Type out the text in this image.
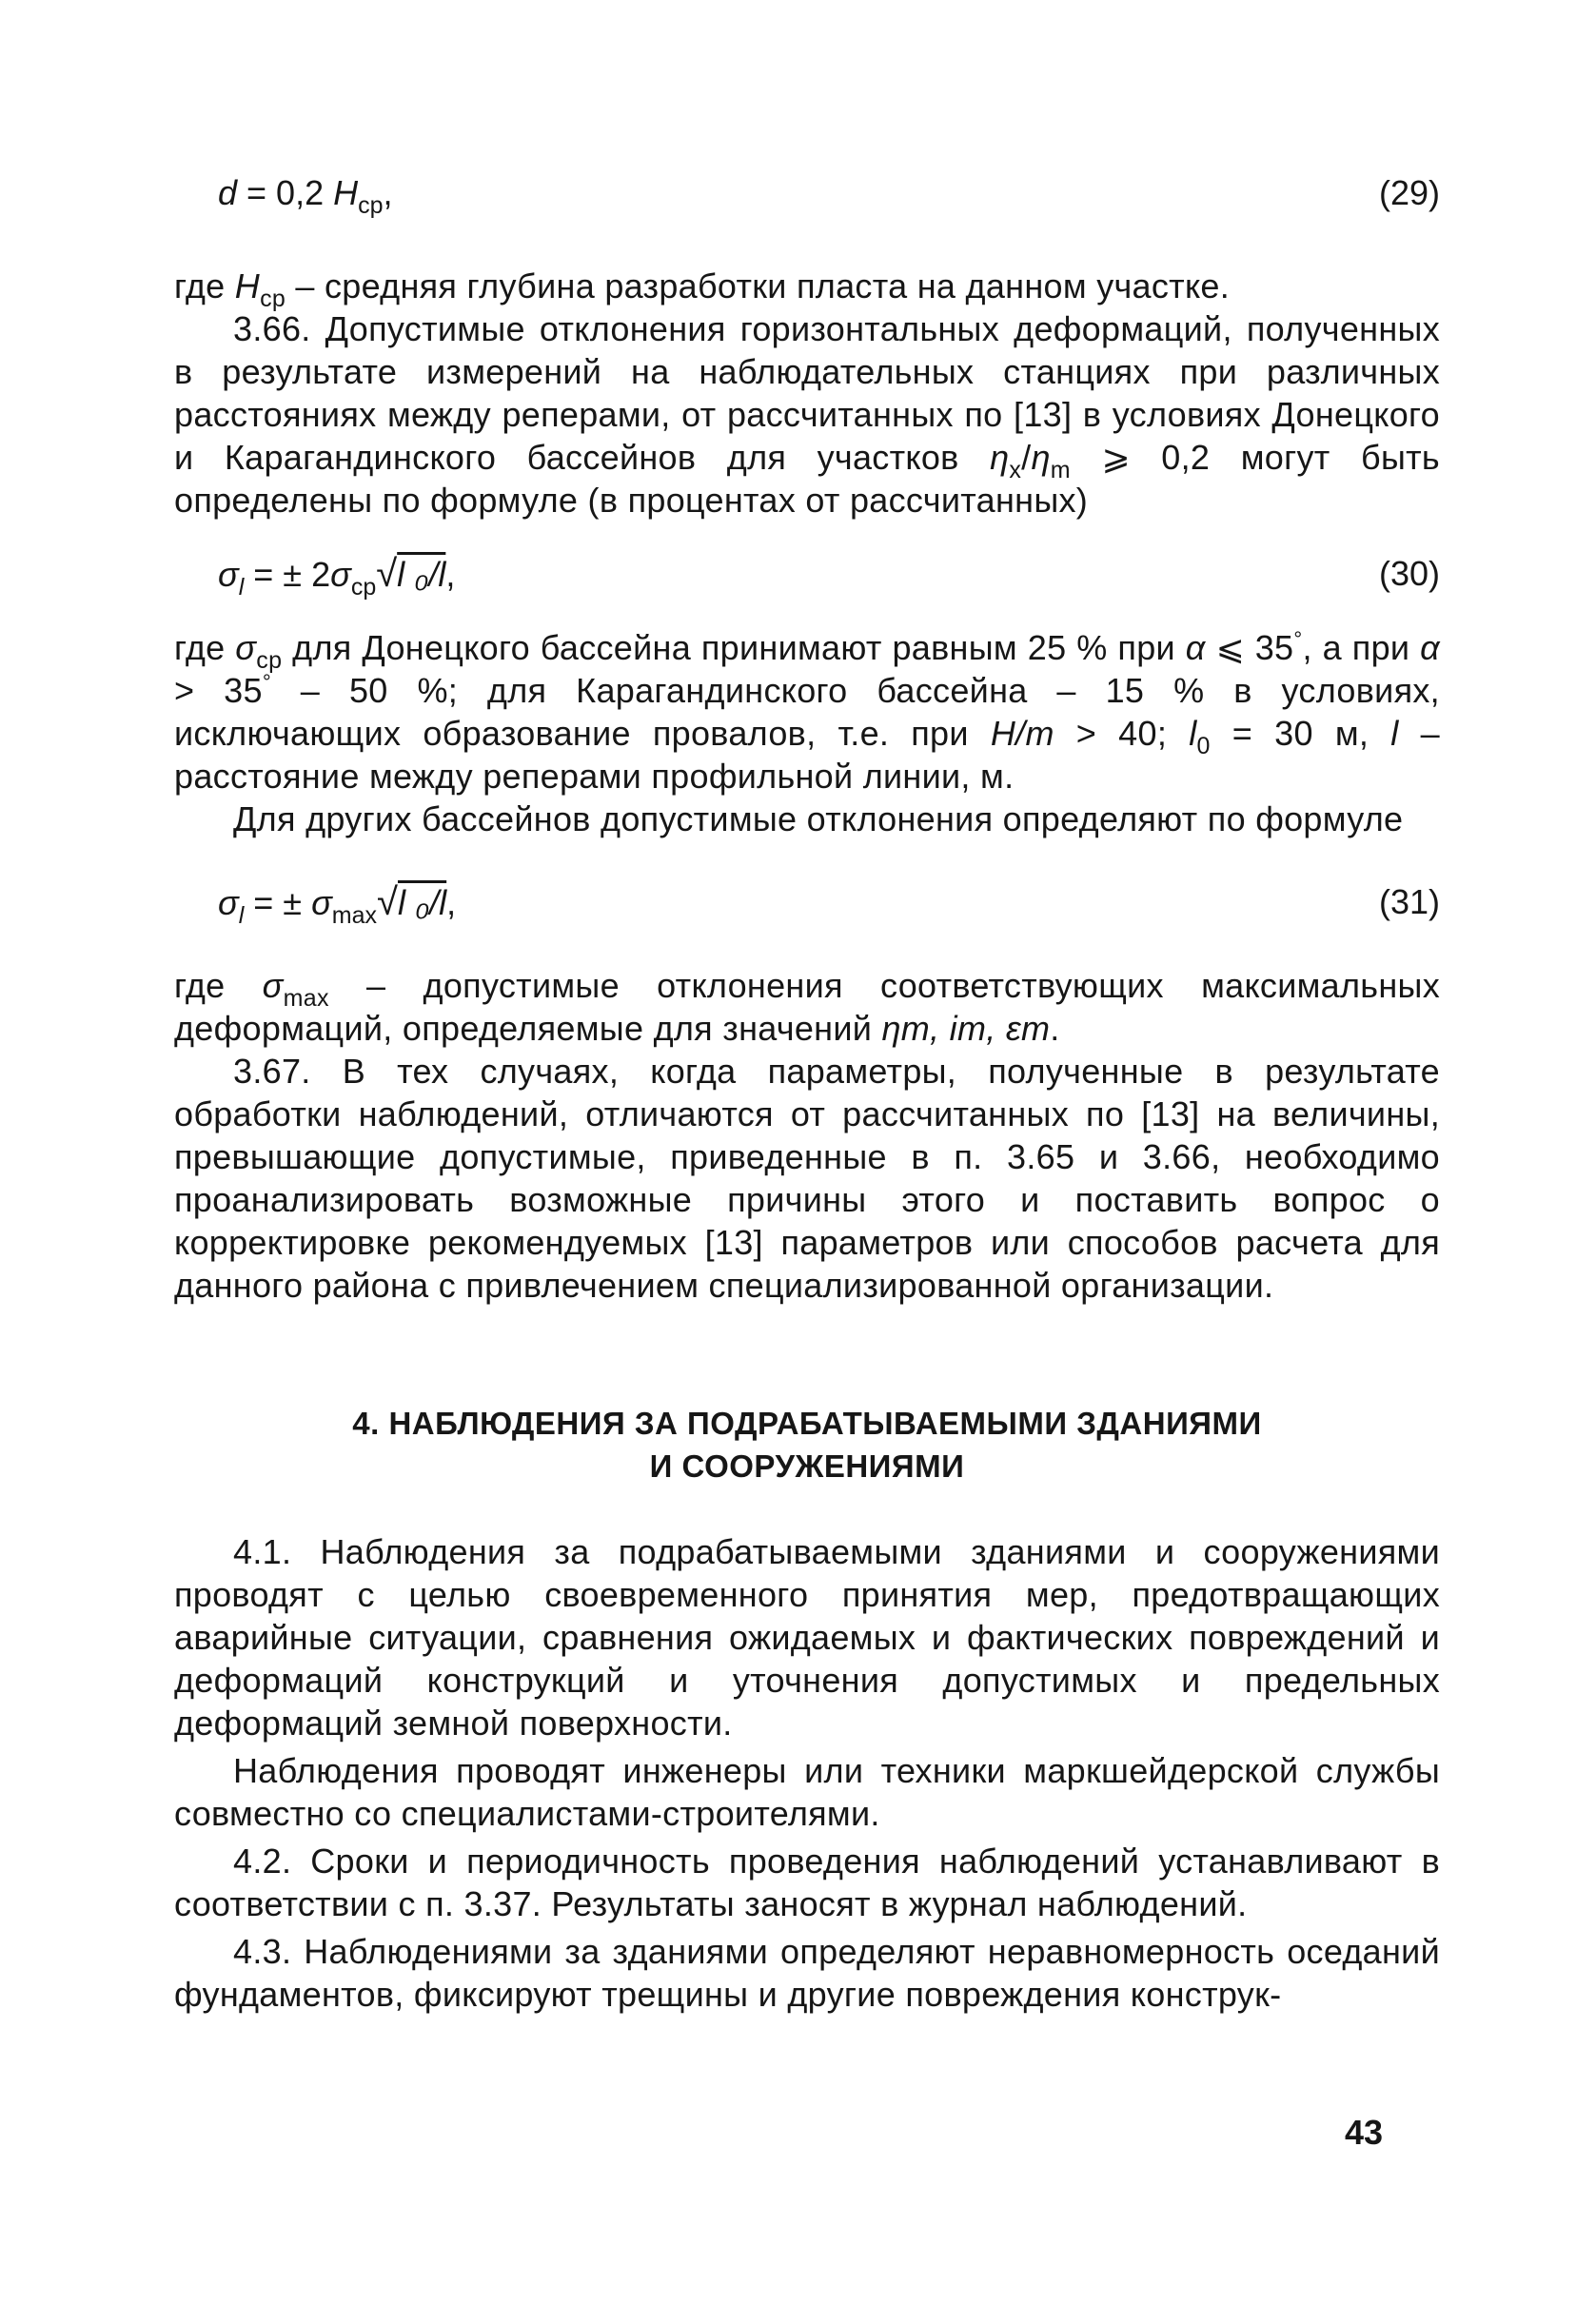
d = 0,2 $H_{ср}$,	(29)

где $H_{ср}$ – средняя глубина разработки пласта на данном участке.

3.66. Допустимые отклонения горизонтальных деформаций, полученных в результате измерений на наблюдательных станциях при различных расстояниях между реперами, от рассчитанных по [13] в условиях Донецкого и Карагандинского бассейнов для участков $\eta_x/\eta_m$ ⩾ 0,2 могут быть определены по формуле (в процентах от рассчитанных)

$\sigma_l$ = ± $2\sigma_{ср}√l$ ₀/l,	(30)

где $\sigma_{ср}$ для Донецкого бассейна принимают равным 25 % при α ⩽ 35°, а при α > 35° – 50 %; для Карагандинского бассейна – 15 % в условиях, исключающих образование провалов, т.е. при H/m > 40; $l_0 = 30$ м, l – расстояние между реперами профильной линии, м.

Для других бассейнов допустимые отклонения определяют по формуле

$\sigma_l$ = ± $\sigma_{max}√l$ ₀/l,	(31)

где $\sigma_{max}$ – допустимые отклонения соответствующих максимальных деформаций, определяемые для значений ηm, im, εm.

3.67. В тех случаях, когда параметры, полученные в результате обработки наблюдений, отличаются от рассчитанных по [13] на величины, превышающие допустимые, приведенные в п. 3.65 и 3.66, необходимо проанализировать возможные причины этого и поставить вопрос о корректировке рекомендуемых [13] параметров или способов расчета для данного района с привлечением специализированной организации.

4. НАБЛЮДЕНИЯ ЗА ПОДРАБАТЫВАЕМЫМИ ЗДАНИЯМИ
И СООРУЖЕНИЯМИ

4.1. Наблюдения за подрабатываемыми зданиями и сооружениями проводят с целью своевременного принятия мер, предотвращающих аварийные ситуации, сравнения ожидаемых и фактических повреждений и деформаций конструкций и уточнения допустимых и предельных деформаций земной поверхности.

Наблюдения проводят инженеры или техники маркшейдерской службы совместно со специалистами-строителями.

4.2. Сроки и периодичность проведения наблюдений устанавливают в соответствии с п. 3.37. Результаты заносят в журнал наблюдений.

4.3. Наблюдениями за зданиями определяют неравномерность оседаний фундаментов, фиксируют трещины и другие повреждения конструк-

43
